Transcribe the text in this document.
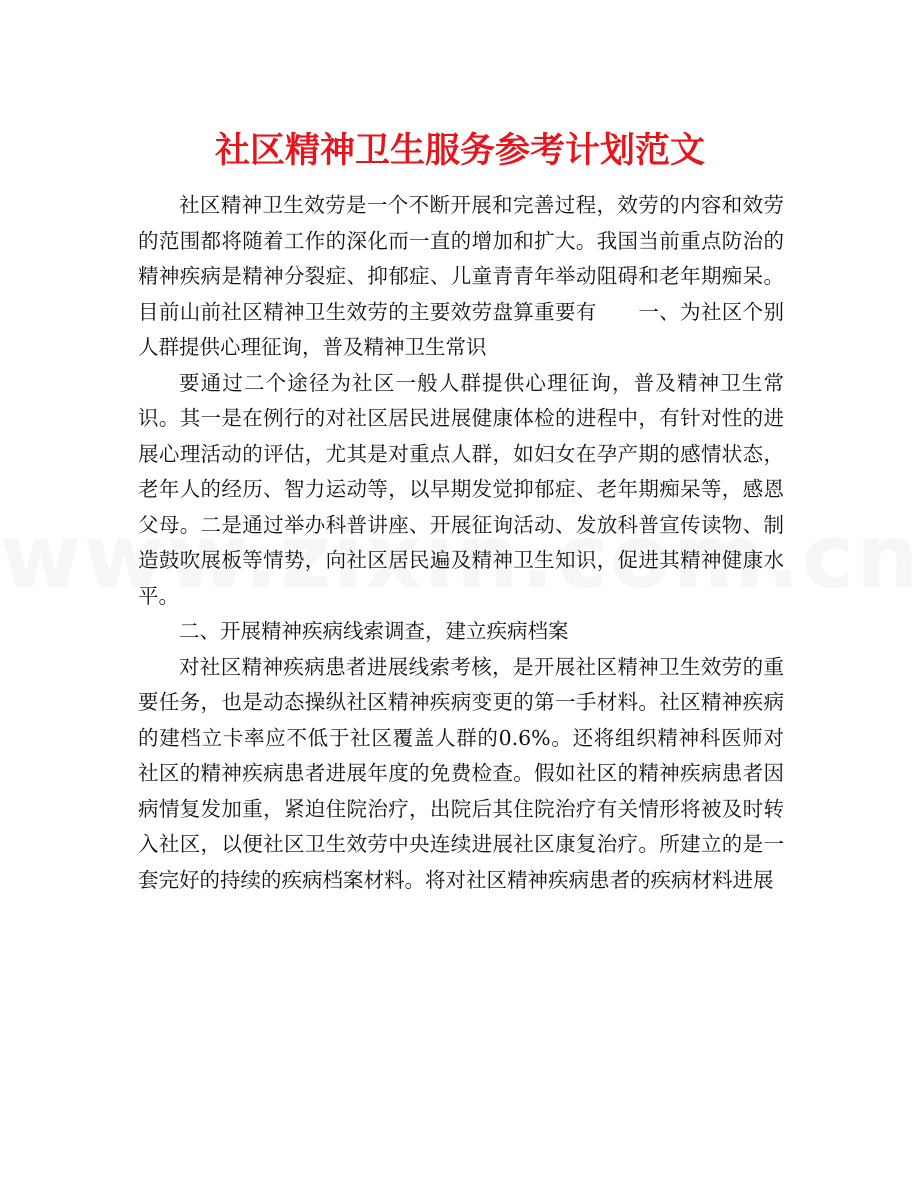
社区精神卫生服务参考计划范文

社区精神卫生效劳是一个不断开展和完善过程，效劳的内容和效劳的范围都将随着工作的深化而一直的增加和扩大。我国当前重点防治的精神疾病是精神分裂症、抑郁症、儿童青青年举动阻碍和老年期痴呆。目前山前社区精神卫生效劳的主要效劳盘算重要有　　一、为社区个别人群提供心理征询，普及精神卫生常识

要通过二个途径为社区一般人群提供心理征询，普及精神卫生常识。其一是在例行的对社区居民进展健康体检的进程中，有针对性的进展心理活动的评估，尤其是对重点人群，如妇女在孕产期的感情状态，老年人的经历、智力运动等，以早期发觉抑郁症、老年期痴呆等，感恩父母。二是通过举办科普讲座、开展征询活动、发放科普宣传读物、制造鼓吹展板等情势，向社区居民遍及精神卫生知识，促进其精神健康水平。

二、开展精神疾病线索调查，建立疾病档案

对社区精神疾病患者进展线索考核，是开展社区精神卫生效劳的重要任务，也是动态操纵社区精神疾病变更的第一手材料。社区精神疾病的建档立卡率应不低于社区覆盖人群的0.6%。还将组织精神科医师对社区的精神疾病患者进展年度的免费检查。假如社区的精神疾病患者因病情复发加重，紧迫住院治疗，出院后其住院治疗有关情形将被及时转入社区，以便社区卫生效劳中央连续进展社区康复治疗。所建立的是一套完好的持续的疾病档案材料。将对社区精神疾病患者的疾病材料进展
